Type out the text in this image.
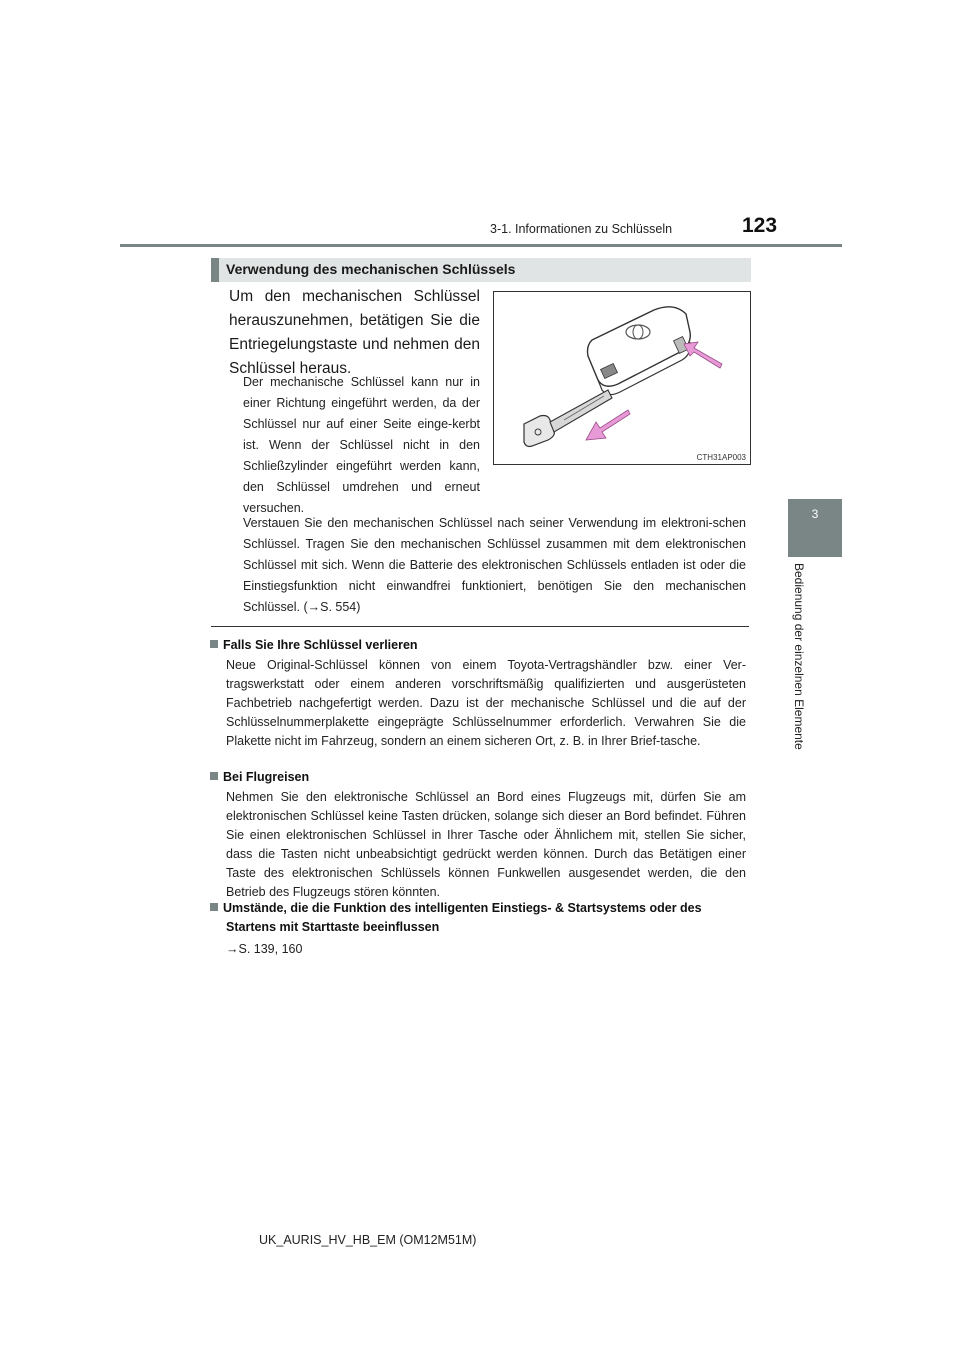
3-1. Informationen zu Schlüsseln	123
3
Bedienung der einzelnen Elemente
Verwendung des mechanischen Schlüssels
Um den mechanischen Schlüssel herauszunehmen, betätigen Sie die Entriegelungstaste und nehmen den Schlüssel heraus.
Der mechanische Schlüssel kann nur in einer Richtung eingeführt werden, da der Schlüssel nur auf einer Seite einge-kerbt ist. Wenn der Schlüssel nicht in den Schließzylinder eingeführt werden kann, den Schlüssel umdrehen und erneut versuchen.
CTH31AP003
Verstauen Sie den mechanischen Schlüssel nach seiner Verwendung im elektroni-schen Schlüssel. Tragen Sie den mechanischen Schlüssel zusammen mit dem elektronischen Schlüssel mit sich. Wenn die Batterie des elektronischen Schlüssels entladen ist oder die Einstiegsfunktion nicht einwandfrei funktioniert, benötigen Sie den mechanischen Schlüssel. (→S. 554)
Falls Sie Ihre Schlüssel verlieren
Neue Original-Schlüssel können von einem Toyota-Vertragshändler bzw. einer Ver-tragswerkstatt oder einem anderen vorschriftsmäßig qualifizierten und ausgerüsteten Fachbetrieb nachgefertigt werden. Dazu ist der mechanische Schlüssel und die auf der Schlüsselnummerplakette eingeprägte Schlüsselnummer erforderlich. Verwahren Sie die Plakette nicht im Fahrzeug, sondern an einem sicheren Ort, z. B. in Ihrer Brief-tasche.
Bei Flugreisen
Nehmen Sie den elektronische Schlüssel an Bord eines Flugzeugs mit, dürfen Sie am elektronischen Schlüssel keine Tasten drücken, solange sich dieser an Bord befindet. Führen Sie einen elektronischen Schlüssel in Ihrer Tasche oder Ähnlichem mit, stellen Sie sicher, dass die Tasten nicht unbeabsichtigt gedrückt werden können. Durch das Betätigen einer Taste des elektronischen Schlüssels können Funkwellen ausgesendet werden, die den Betrieb des Flugzeugs stören könnten.
Umstände, die die Funktion des intelligenten Einstiegs- & Startsystems oder des
Startens mit Starttaste beeinflussen
→S. 139, 160
UK_AURIS_HV_HB_EM (OM12M51M)
